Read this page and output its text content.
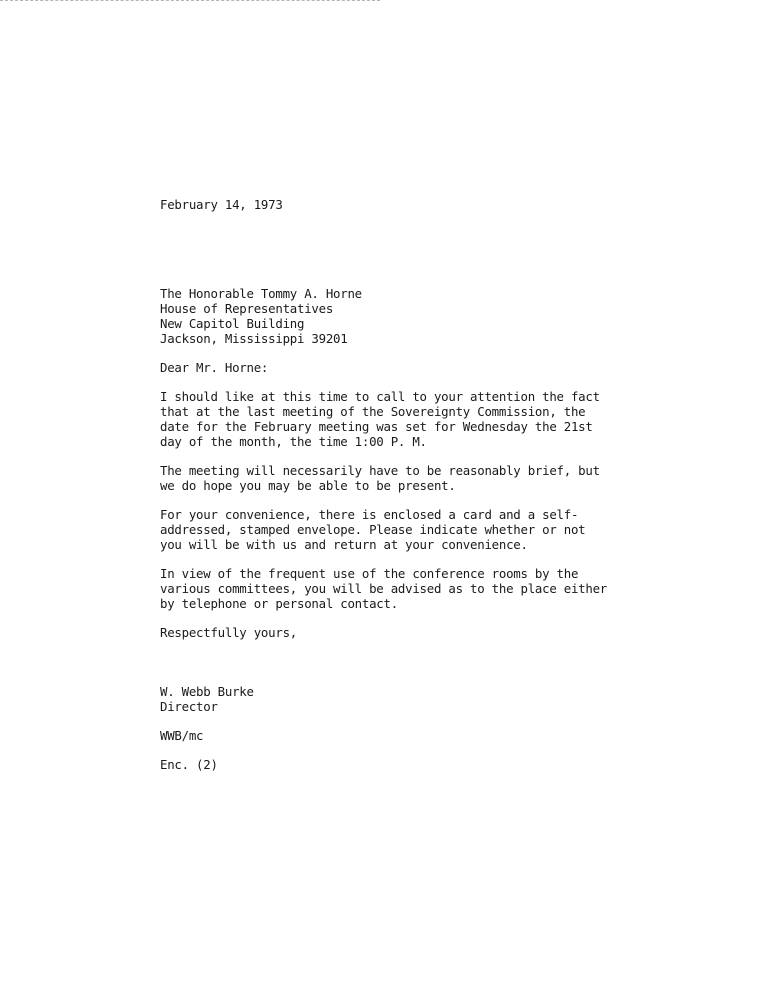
February 14, 1973
The Honorable Tommy A. Horne
House of Representatives
New Capitol Building
Jackson, Mississippi 39201
Dear Mr. Horne:
I should like at this time to call to your attention the fact
that at the last meeting of the Sovereignty Commission, the
date for the February meeting was set for Wednesday the 21st
day of the month, the time 1:00 P. M.
The meeting will necessarily have to be reasonably brief, but
we do hope you may be able to be present.
For your convenience, there is enclosed a card and a self-
addressed, stamped envelope. Please indicate whether or not
you will be with us and return at your convenience.
In view of the frequent use of the conference rooms by the
various committees, you will be advised as to the place either
by telephone or personal contact.
Respectfully yours,
W. Webb Burke
Director
WWB/mc
Enc. (2)
